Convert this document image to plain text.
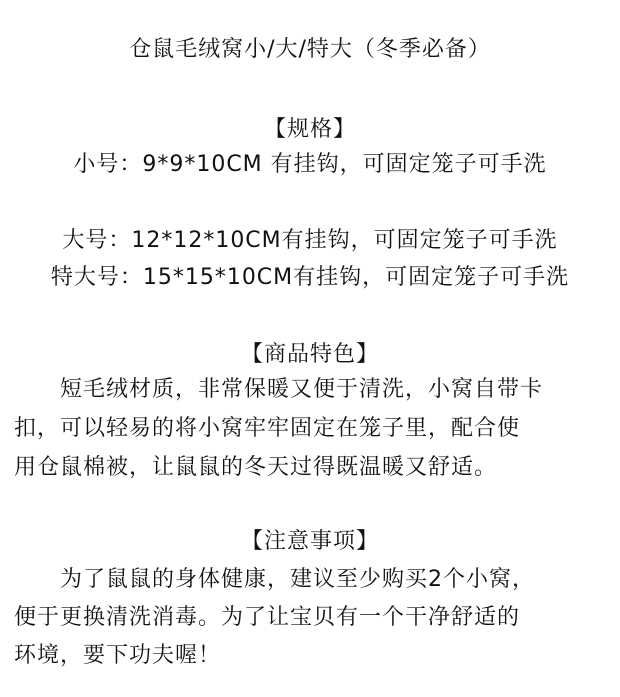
仓鼠毛绒窝小/大/特大（冬季必备）
【规格】
小号：9*9*10CM 有挂钩，可固定笼子可手洗
大号：12*12*10CM有挂钩，可固定笼子可手洗
特大号：15*15*10CM有挂钩，可固定笼子可手洗
【商品特色】
　　短毛绒材质，非常保暖又便于清洗，小窝自带卡
扣，可以轻易的将小窝牢牢固定在笼子里，配合使
用仓鼠棉被，让鼠鼠的冬天过得既温暖又舒适。
【注意事项】
　　为了鼠鼠的身体健康，建议至少购买2个小窝，
便于更换清洗消毒。为了让宝贝有一个干净舒适的
环境，要下功夫喔！
